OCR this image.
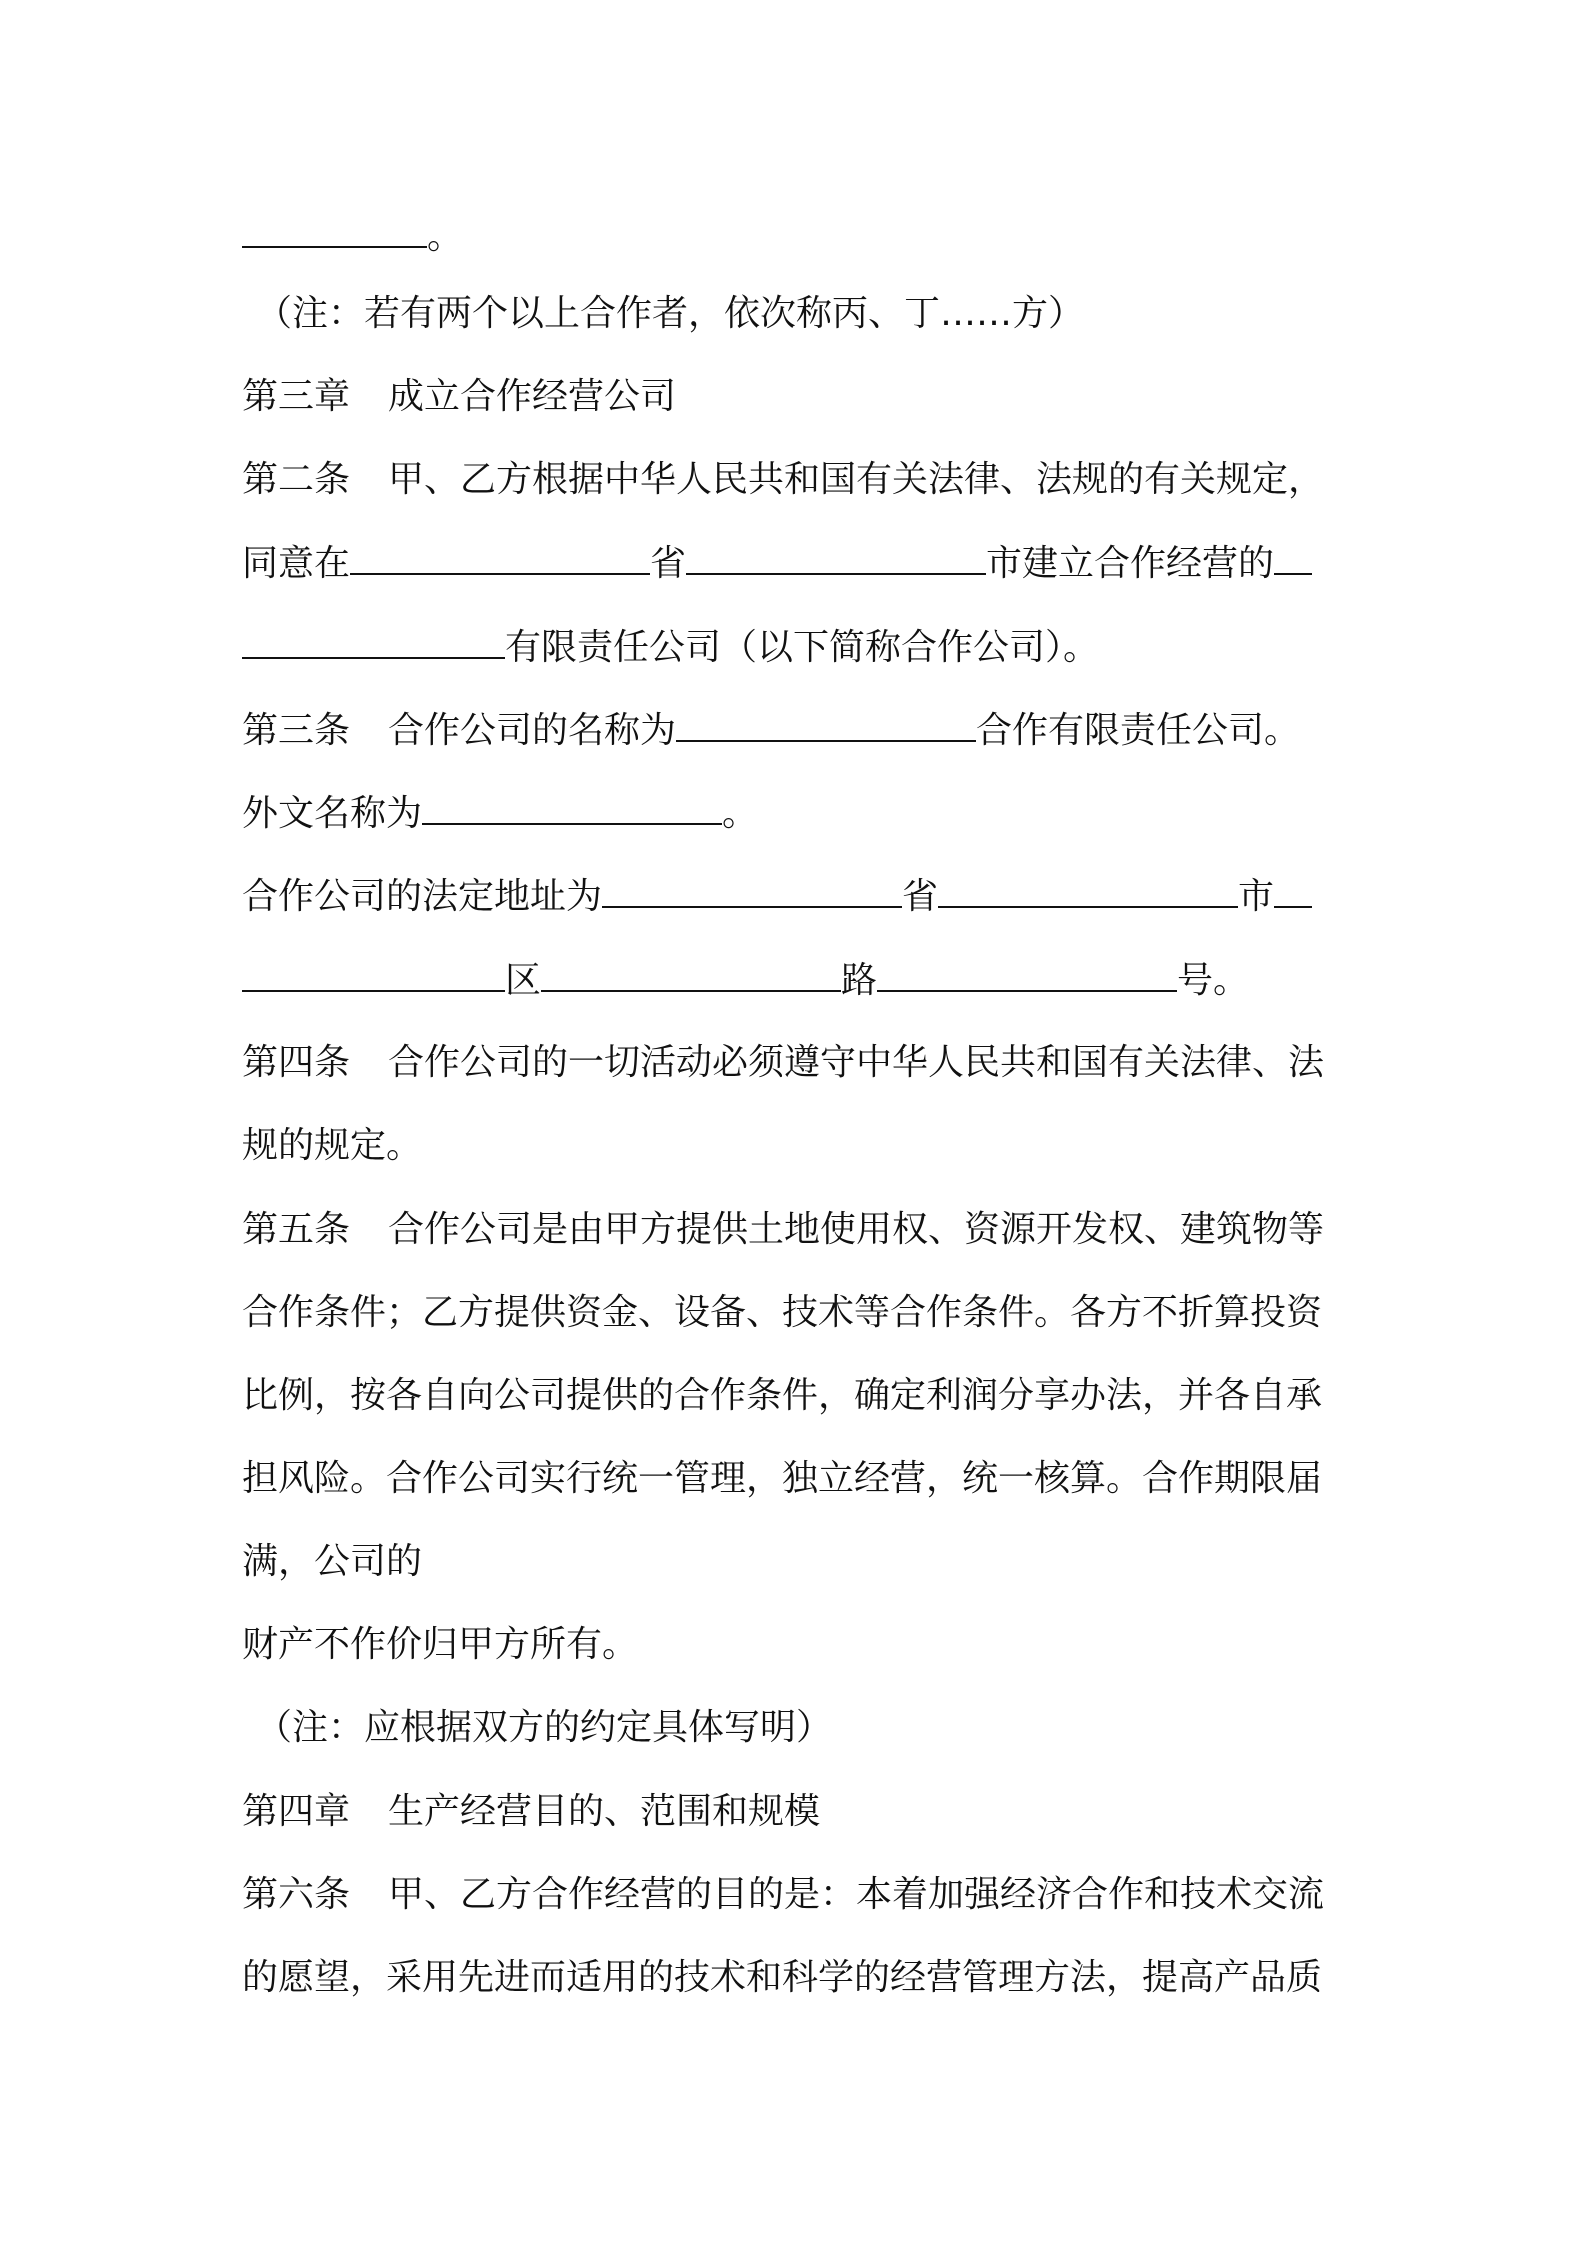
。
（注：若有两个以上合作者，依次称丙、丁……方）
第三章 成立合作经营公司
第二条 甲、乙方根据中华人民共和国有关法律、法规的有关规定，
同意在	省	市建立合作经营的
有限责任公司（以下简称合作公司）。
第三条 合作公司的名称为	合作有限责任公司。
外文名称为	。
合作公司的法定地址为	省	市
区	路	号。
第四条 合作公司的一切活动必须遵守中华人民共和国有关法律、法
规的规定。
第五条 合作公司是由甲方提供土地使用权、资源开发权、建筑物等
合作条件；乙方提供资金、设备、技术等合作条件。各方不折算投资
比例，按各自向公司提供的合作条件，确定利润分享办法，并各自承
担风险。合作公司实行统一管理，独立经营，统一核算。合作期限届
满，公司的
财产不作价归甲方所有。
（注：应根据双方的约定具体写明）
第四章 生产经营目的、范围和规模
第六条 甲、乙方合作经营的目的是：本着加强经济合作和技术交流
的愿望，采用先进而适用的技术和科学的经营管理方法，提高产品质
